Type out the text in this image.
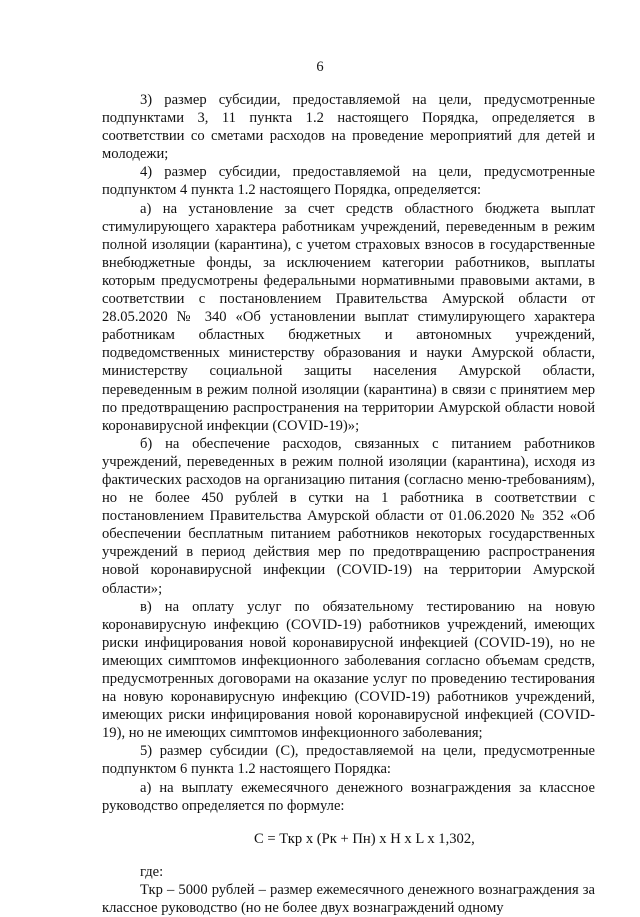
6

3) размер субсидии, предоставляемой на цели, предусмотренные подпунктами 3, 11 пункта 1.2 настоящего Порядка, определяется в соответствии со сметами расходов на проведение мероприятий для детей и молодежи;

4) размер субсидии, предоставляемой на цели, предусмотренные подпунктом 4 пункта 1.2 настоящего Порядка, определяется:

а) на установление за счет средств областного бюджета выплат стимулирующего характера работникам учреждений, переведенным в режим полной изоляции (карантина), с учетом страховых взносов в государственные внебюджетные фонды, за исключением категории работников, выплаты которым предусмотрены федеральными нормативными правовыми актами, в соответствии с постановлением Правительства Амурской области от 28.05.2020 № 340 «Об установлении выплат стимулирующего характера работникам областных бюджетных и автономных учреждений, подведомственных министерству образования и науки Амурской области, министерству социальной защиты населения Амурской области, переведенным в режим полной изоляции (карантина) в связи с принятием мер по предотвращению распространения на территории Амурской области новой коронавирусной инфекции (COVID-19)»;

б) на обеспечение расходов, связанных с питанием работников учреждений, переведенных в режим полной изоляции (карантина), исходя из фактических расходов на организацию питания (согласно меню-требованиям), но не более 450 рублей в сутки на 1 работника в соответствии с постановлением Правительства Амурской области от 01.06.2020 № 352 «Об обеспечении бесплатным питанием работников некоторых государственных учреждений в период действия мер по предотвращению распространения новой коронавирусной инфекции (COVID-19) на территории Амурской области»;

в) на оплату услуг по обязательному тестированию на новую коронавирусную инфекцию (COVID-19) работников учреждений, имеющих риски инфицирования новой коронавирусной инфекцией (COVID-19), но не имеющих симптомов инфекционного заболевания согласно объемам средств, предусмотренных договорами на оказание услуг по проведению тестирования на новую коронавирусную инфекцию (COVID-19) работников учреждений, имеющих риски инфицирования новой коронавирусной инфекцией (COVID-19), но не имеющих симптомов инфекционного заболевания;

5) размер субсидии (С), предоставляемой на цели, предусмотренные подпунктом 6 пункта 1.2 настоящего Порядка:

а) на выплату ежемесячного денежного вознаграждения за классное руководство определяется по формуле:

С = Ткр х (Рк + Пн) х Н х L х 1,302,

где:

Ткр – 5000 рублей – размер ежемесячного денежного вознаграждения за классное руководство (но не более двух вознаграждений одному
